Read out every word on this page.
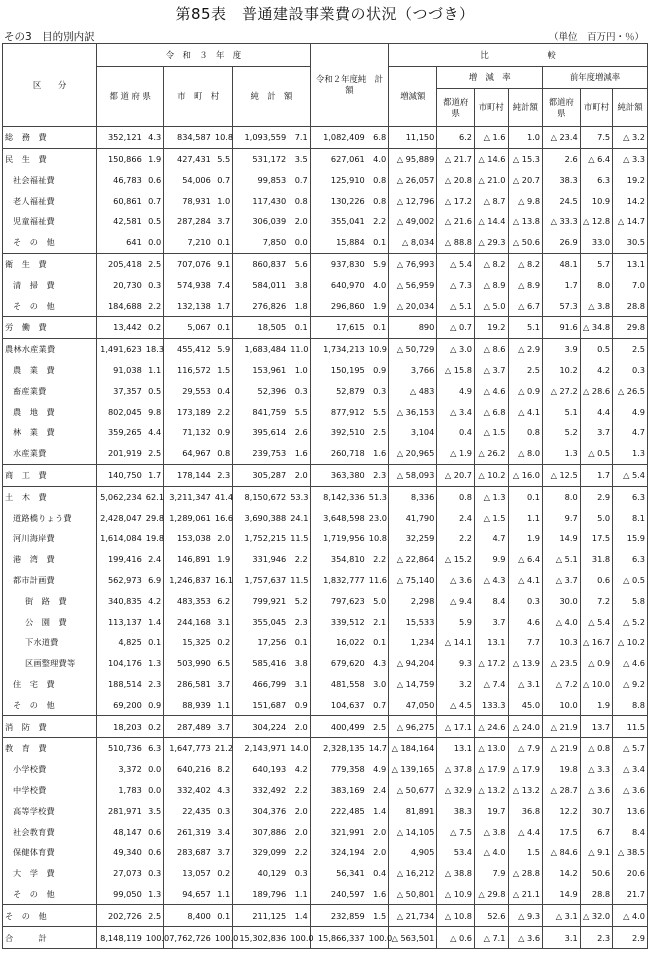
第85表　普通建設事業費の状況（つづき）
その3　目的別内訳	（単位　百万円・％）
区　　分	令　和　３　年　度						令和２年度純　計　額		比　　　　　　　較						
	都 道 府 県		市　町　村		純　計　額				増減額	増　減　率			前年度増減率		
										都道府県	市町村	純計額	都道府県	市町村	純計額
総　務　費	352,121	4.3	834,587	10.8	1,093,559	7.1	1,082,409	6.8	11,150	6.2	△ 1.6	1.0	△ 23.4	7.5	△ 3.2
民　生　費	150,866	1.9	427,431	5.5	531,172	3.5	627,061	4.0	△ 95,889	△ 21.7	△ 14.6	△ 15.3	2.6	△ 6.4	△ 3.3
社会福祉費	46,783	0.6	54,006	0.7	99,853	0.7	125,910	0.8	△ 26,057	△ 20.8	△ 21.0	△ 20.7	38.3	6.3	19.2
老人福祉費	60,861	0.7	78,931	1.0	117,430	0.8	130,226	0.8	△ 12,796	△ 17.2	△ 8.7	△ 9.8	24.5	10.9	14.2
児童福祉費	42,581	0.5	287,284	3.7	306,039	2.0	355,041	2.2	△ 49,002	△ 21.6	△ 14.4	△ 13.8	△ 33.3	△ 12.8	△ 14.7
そ　の　他	641	0.0	7,210	0.1	7,850	0.0	15,884	0.1	△ 8,034	△ 88.8	△ 29.3	△ 50.6	26.9	33.0	30.5
衛　生　費	205,418	2.5	707,076	9.1	860,837	5.6	937,830	5.9	△ 76,993	△ 5.4	△ 8.2	△ 8.2	48.1	5.7	13.1
清　掃　費	20,730	0.3	574,938	7.4	584,011	3.8	640,970	4.0	△ 56,959	△ 7.3	△ 8.9	△ 8.9	1.7	8.0	7.0
そ　の　他	184,688	2.2	132,138	1.7	276,826	1.8	296,860	1.9	△ 20,034	△ 5.1	△ 5.0	△ 6.7	57.3	△ 3.8	28.8
労　働　費	13,442	0.2	5,067	0.1	18,505	0.1	17,615	0.1	890	△ 0.7	19.2	5.1	91.6	△ 34.8	29.8
農林水産業費	1,491,623	18.3	455,412	5.9	1,683,484	11.0	1,734,213	10.9	△ 50,729	△ 3.0	△ 8.6	△ 2.9	3.9	0.5	2.5
農　業　費	91,038	1.1	116,572	1.5	153,961	1.0	150,195	0.9	3,766	△ 15.8	△ 3.7	2.5	10.2	4.2	0.3
畜産業費	37,357	0.5	29,553	0.4	52,396	0.3	52,879	0.3	△ 483	4.9	△ 4.6	△ 0.9	△ 27.2	△ 28.6	△ 26.5
農　地　費	802,045	9.8	173,189	2.2	841,759	5.5	877,912	5.5	△ 36,153	△ 3.4	△ 6.8	△ 4.1	5.1	4.4	4.9
林　業　費	359,265	4.4	71,132	0.9	395,614	2.6	392,510	2.5	3,104	0.4	△ 1.5	0.8	5.2	3.7	4.7
水産業費	201,919	2.5	64,967	0.8	239,753	1.6	260,718	1.6	△ 20,965	△ 1.9	△ 26.2	△ 8.0	1.3	△ 0.5	1.3
商　工　費	140,750	1.7	178,144	2.3	305,287	2.0	363,380	2.3	△ 58,093	△ 20.7	△ 10.2	△ 16.0	△ 12.5	1.7	△ 5.4
土　木　費	5,062,234	62.1	3,211,347	41.4	8,150,672	53.3	8,142,336	51.3	8,336	0.8	△ 1.3	0.1	8.0	2.9	6.3
道路橋りょう費	2,428,047	29.8	1,289,061	16.6	3,690,388	24.1	3,648,598	23.0	41,790	2.4	△ 1.5	1.1	9.7	5.0	8.1
河川海岸費	1,614,084	19.8	153,038	2.0	1,752,215	11.5	1,719,956	10.8	32,259	2.2	4.7	1.9	14.9	17.5	15.9
港　湾　費	199,416	2.4	146,891	1.9	331,946	2.2	354,810	2.2	△ 22,864	△ 15.2	9.9	△ 6.4	△ 5.1	31.8	6.3
都市計画費	562,973	6.9	1,246,837	16.1	1,757,637	11.5	1,832,777	11.6	△ 75,140	△ 3.6	△ 4.3	△ 4.1	△ 3.7	0.6	△ 0.5
街　路　費	340,835	4.2	483,353	6.2	799,921	5.2	797,623	5.0	2,298	△ 9.4	8.4	0.3	30.0	7.2	5.8
公　園　費	113,137	1.4	244,168	3.1	355,045	2.3	339,512	2.1	15,533	5.9	3.7	4.6	△ 4.0	△ 5.4	△ 5.2
下水道費	4,825	0.1	15,325	0.2	17,256	0.1	16,022	0.1	1,234	△ 14.1	13.1	7.7	10.3	△ 16.7	△ 10.2
区画整理費等	104,176	1.3	503,990	6.5	585,416	3.8	679,620	4.3	△ 94,204	9.3	△ 17.2	△ 13.9	△ 23.5	△ 0.9	△ 4.6
住　宅　費	188,514	2.3	286,581	3.7	466,799	3.1	481,558	3.0	△ 14,759	3.2	△ 7.4	△ 3.1	△ 7.2	△ 10.0	△ 9.2
そ　の　他	69,200	0.9	88,939	1.1	151,687	0.9	104,637	0.7	47,050	△ 4.5	133.3	45.0	10.0	1.9	8.8
消　防　費	18,203	0.2	287,489	3.7	304,224	2.0	400,499	2.5	△ 96,275	△ 17.1	△ 24.6	△ 24.0	△ 21.9	13.7	11.5
教　育　費	510,736	6.3	1,647,773	21.2	2,143,971	14.0	2,328,135	14.7	△ 184,164	13.1	△ 13.0	△ 7.9	△ 21.9	△ 0.8	△ 5.7
小学校費	3,372	0.0	640,216	8.2	640,193	4.2	779,358	4.9	△ 139,165	△ 37.8	△ 17.9	△ 17.9	19.8	△ 3.3	△ 3.4
中学校費	1,783	0.0	332,402	4.3	332,492	2.2	383,169	2.4	△ 50,677	△ 32.9	△ 13.2	△ 13.2	△ 28.7	△ 3.6	△ 3.6
高等学校費	281,971	3.5	22,435	0.3	304,376	2.0	222,485	1.4	81,891	38.3	19.7	36.8	12.2	30.7	13.6
社会教育費	48,147	0.6	261,319	3.4	307,886	2.0	321,991	2.0	△ 14,105	△ 7.5	△ 3.8	△ 4.4	17.5	6.7	8.4
保健体育費	49,340	0.6	283,687	3.7	329,099	2.2	324,194	2.0	4,905	53.4	△ 4.0	1.5	△ 84.6	△ 9.1	△ 38.5
大　学　費	27,073	0.3	13,057	0.2	40,129	0.3	56,341	0.4	△ 16,212	△ 38.8	7.9	△ 28.8	14.2	50.6	20.6
そ　の　他	99,050	1.3	94,657	1.1	189,796	1.1	240,597	1.6	△ 50,801	△ 10.9	△ 29.8	△ 21.1	14.9	28.8	21.7
そ　の　他	202,726	2.5	8,400	0.1	211,125	1.4	232,859	1.5	△ 21,734	△ 10.8	52.6	△ 9.3	△ 3.1	△ 32.0	△ 4.0
合　　　計	8,148,119	100.0	7,762,726	100.0	15,302,836	100.0	15,866,337	100.0	△ 563,501	△ 0.6	△ 7.1	△ 3.6	3.1	2.3	2.9
